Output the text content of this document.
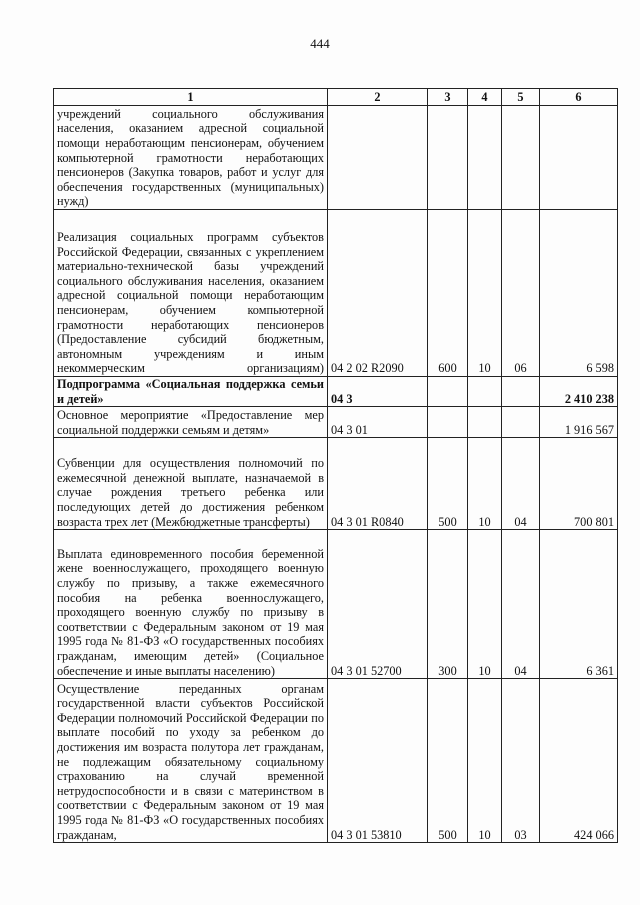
444
1	2	3	4	5	6
учреждений социального обслуживания населения, оказанием адресной социальной помощи неработающим пенсионерам, обучением компьютерной грамотности неработающих пенсионеров (Закупка товаров, работ и услуг для обеспечения государственных (муниципальных) нужд)					
Реализация социальных программ субъектов Российской Федерации, связанных с укреплением материально-технической базы учреждений социального обслуживания населения, оказанием адресной социальной помощи неработающим пенсионерам, обучением компьютерной грамотности неработающих пенсионеров (Предоставление субсидий бюджетным, автономным учреждениям и иным некоммерческим организациям)	04 2 02 R2090	600	10	06	6 598
Подпрограмма «Социальная поддержка семьи и детей»	04 3				2 410 238
Основное мероприятие «Предоставление мер социальной поддержки семьям и детям»	04 3 01				1 916 567
Субвенции для осуществления полномочий по ежемесячной денежной выплате, назначаемой в случае рождения третьего ребенка или последующих детей до достижения ребенком возраста трех лет (Межбюджетные трансферты)	04 3 01 R0840	500	10	04	700 801
Выплата единовременного пособия беременной жене военнослужащего, проходящего военную службу по призыву, а также ежемесячного пособия на ребенка военнослужащего, проходящего военную службу по призыву в соответствии с Федеральным законом от 19 мая 1995 года № 81-ФЗ «О государственных пособиях гражданам, имеющим детей» (Социальное обеспечение и иные выплаты населению)	04 3 01 52700	300	10	04	6 361
Осуществление переданных органам государственной власти субъектов Российской Федерации полномочий Российской Федерации по выплате пособий по уходу за ребенком до достижения им возраста полутора лет гражданам, не подлежащим обязательному социальному страхованию на случай временной нетрудоспособности и в связи с материнством в соответствии с Федеральным законом от 19 мая 1995 года № 81-ФЗ «О государственных пособиях гражданам,	04 3 01 53810	500	10	03	424 066
